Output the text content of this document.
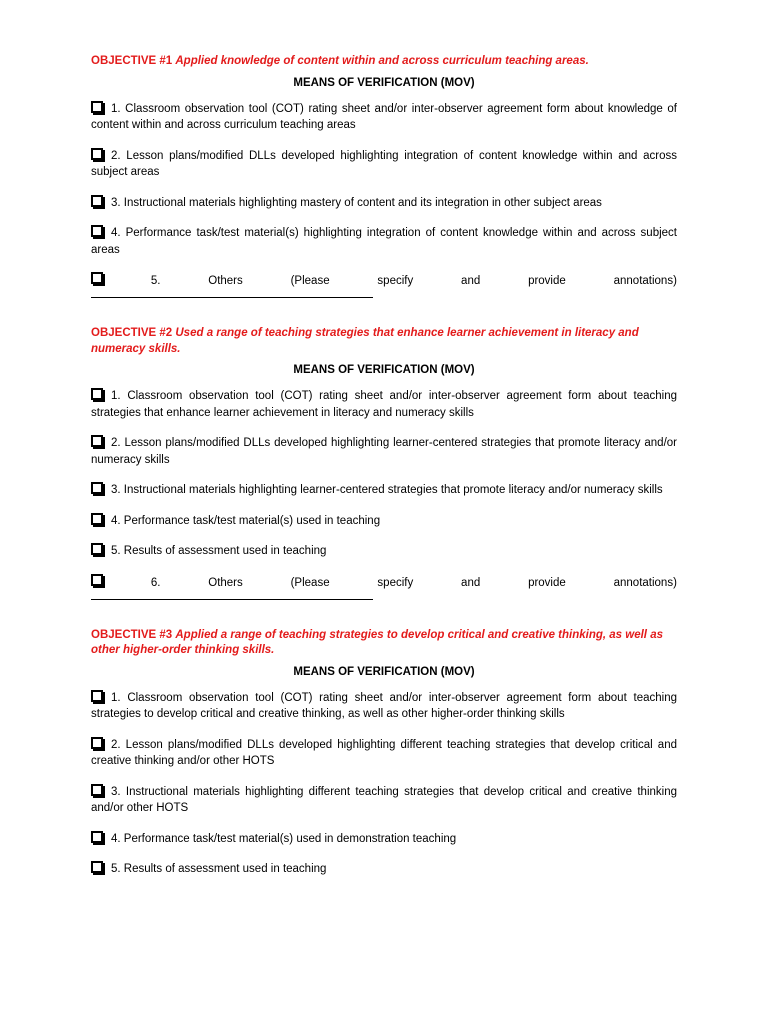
OBJECTIVE #1 Applied knowledge of content within and across curriculum teaching areas.

MEANS OF VERIFICATION (MOV)

1. Classroom observation tool (COT) rating sheet and/or inter-observer agreement form about knowledge of content within and across curriculum teaching areas

2. Lesson plans/modified DLLs developed highlighting integration of content knowledge within and across subject areas

3. Instructional materials highlighting mastery of content and its integration in other subject areas

4. Performance task/test material(s) highlighting integration of content knowledge within and across subject areas

5.	Others	(Please	specify	and	provide	annotations)

OBJECTIVE #2 Used a range of teaching strategies that enhance learner achievement in literacy and numeracy skills.

MEANS OF VERIFICATION (MOV)

1. Classroom observation tool (COT) rating sheet and/or inter-observer agreement form about teaching strategies that enhance learner achievement in literacy and numeracy skills

2. Lesson plans/modified DLLs developed highlighting learner-centered strategies that promote literacy and/or numeracy skills

3. Instructional materials highlighting learner-centered strategies that promote literacy and/or numeracy skills

4. Performance task/test material(s) used in teaching

5. Results of assessment used in teaching

6.	Others	(Please	specify	and	provide	annotations)

OBJECTIVE #3 Applied a range of teaching strategies to develop critical and creative thinking, as well as other higher-order thinking skills.

MEANS OF VERIFICATION (MOV)

1. Classroom observation tool (COT) rating sheet and/or inter-observer agreement form about teaching strategies to develop critical and creative thinking, as well as other higher-order thinking skills

2. Lesson plans/modified DLLs developed highlighting different teaching strategies that develop critical and creative thinking and/or other HOTS

3. Instructional materials highlighting different teaching strategies that develop critical and creative thinking and/or other HOTS

4. Performance task/test material(s) used in demonstration teaching

5. Results of assessment used in teaching
